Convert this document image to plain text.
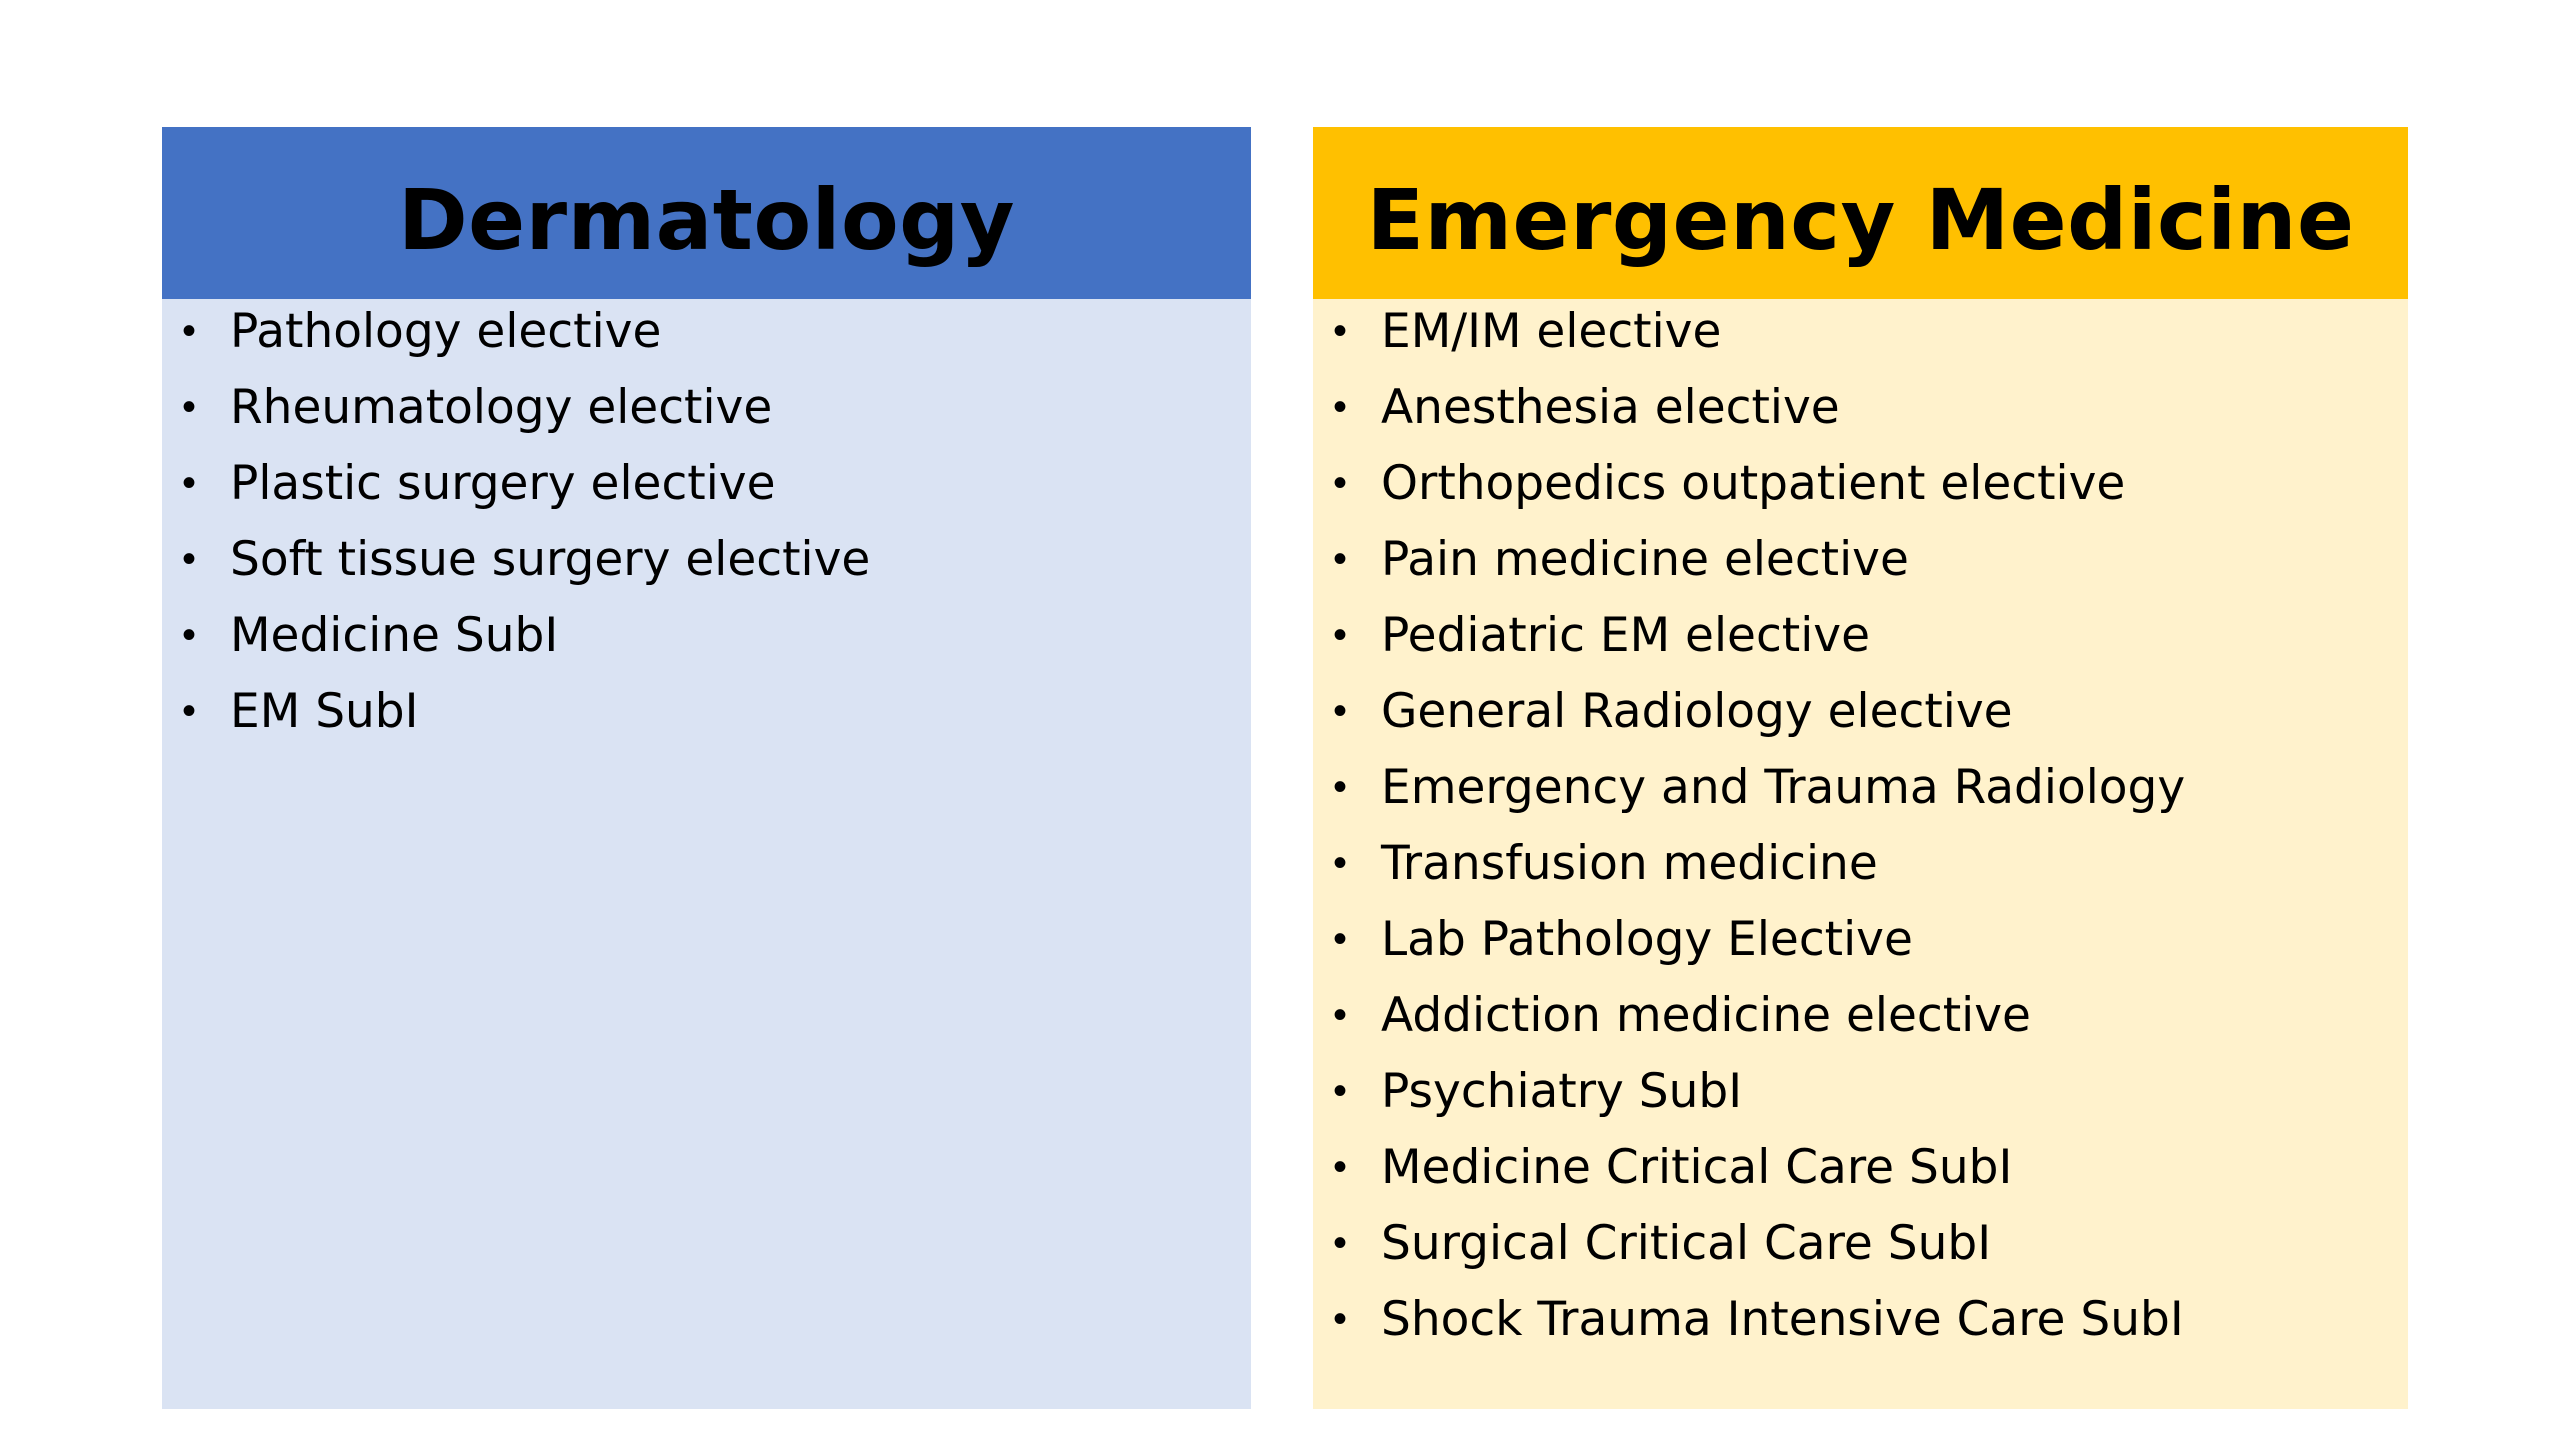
Dermatology
• Pathology elective
• Rheumatology elective
• Plastic surgery elective
• Soft tissue surgery elective
• Medicine SubI
• EM SubI
Emergency Medicine
• EM/IM elective
• Anesthesia elective
• Orthopedics outpatient elective
• Pain medicine elective
• Pediatric EM elective
• General Radiology elective
• Emergency and Trauma Radiology
• Transfusion medicine
• Lab Pathology Elective
• Addiction medicine elective
• Psychiatry SubI
• Medicine Critical Care SubI
• Surgical Critical Care SubI
• Shock Trauma Intensive Care SubI
